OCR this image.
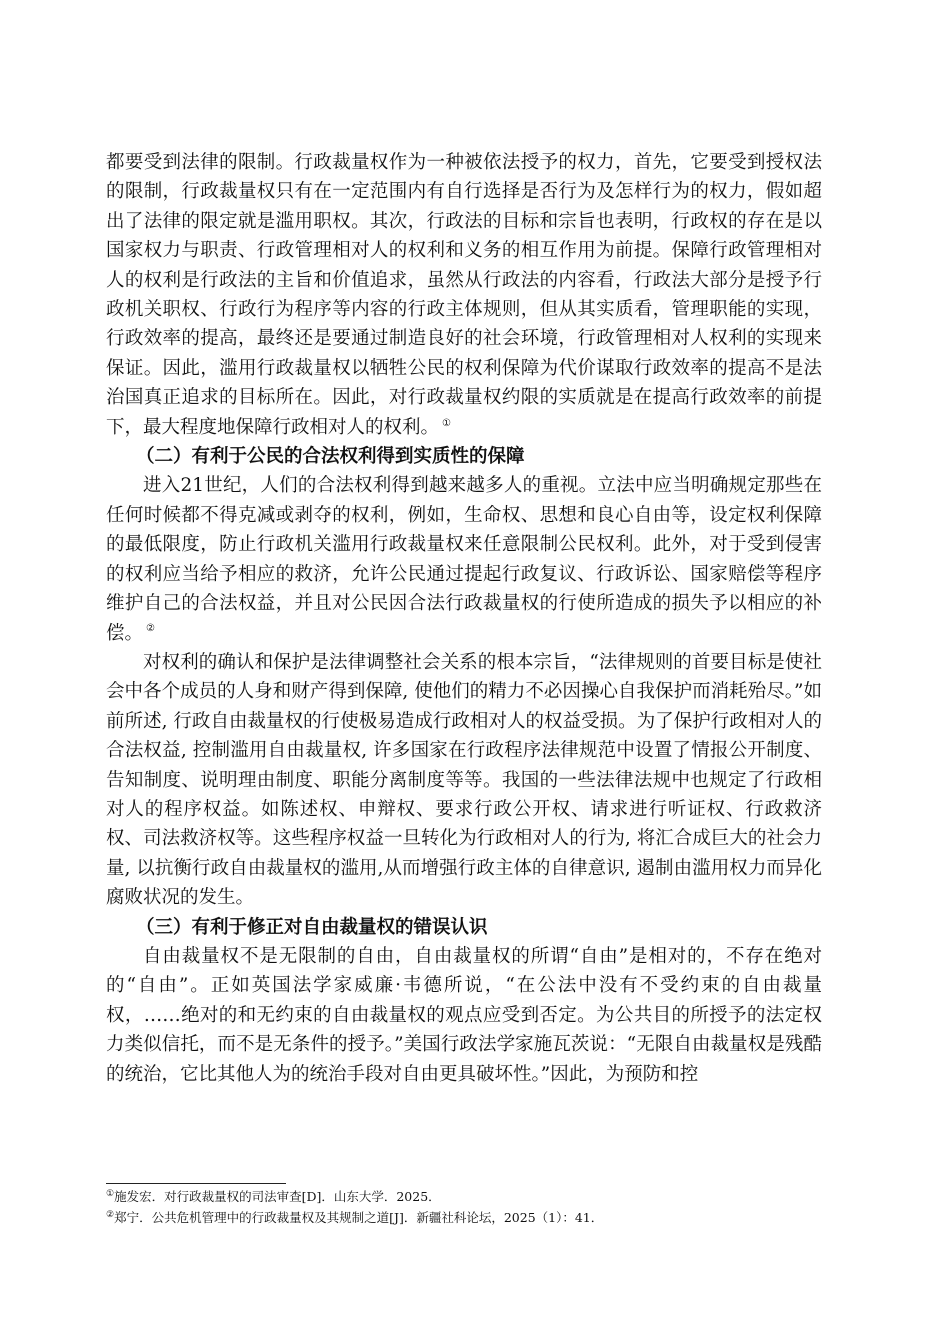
都要受到法律的限制。行政裁量权作为一种被依法授予的权力，首先，它要受到授权法的限制，行政裁量权只有在一定范围内有自行选择是否行为及怎样行为的权力，假如超出了法律的限定就是滥用职权。其次，行政法的目标和宗旨也表明，行政权的存在是以国家权力与职责、行政管理相对人的权利和义务的相互作用为前提。保障行政管理相对人的权利是行政法的主旨和价值追求，虽然从行政法的内容看，行政法大部分是授予行政机关职权、行政行为程序等内容的行政主体规则，但从其实质看，管理职能的实现，行政效率的提高，最终还是要通过制造良好的社会环境，行政管理相对人权利的实现来保证。因此，滥用行政裁量权以牺牲公民的权利保障为代价谋取行政效率的提高不是法治国真正追求的目标所在。因此，对行政裁量权约限的实质就是在提高行政效率的前提下，最大程度地保障行政相对人的权利。 ①

（二）有利于公民的合法权利得到实质性的保障

进入21世纪，人们的合法权利得到越来越多人的重视。立法中应当明确规定那些在任何时候都不得克减或剥夺的权利，例如，生命权、思想和良心自由等，设定权利保障的最低限度，防止行政机关滥用行政裁量权来任意限制公民权利。此外，对于受到侵害的权利应当给予相应的救济，允许公民通过提起行政复议、行政诉讼、国家赔偿等程序维护自己的合法权益，并且对公民因合法行政裁量权的行使所造成的损失予以相应的补偿。 ②

对权利的确认和保护是法律调整社会关系的根本宗旨，“法律规则的首要目标是使社会中各个成员的人身和财产得到保障, 使他们的精力不必因操心自我保护而消耗殆尽。”如前所述, 行政自由裁量权的行使极易造成行政相对人的权益受损。为了保护行政相对人的合法权益, 控制滥用自由裁量权, 许多国家在行政程序法律规范中设置了情报公开制度、告知制度、说明理由制度、职能分离制度等等。我国的一些法律法规中也规定了行政相对人的程序权益。如陈述权、申辩权、要求行政公开权、请求进行听证权、行政救济权、司法救济权等。这些程序权益一旦转化为行政相对人的行为, 将汇合成巨大的社会力量, 以抗衡行政自由裁量权的滥用,从而增强行政主体的自律意识, 遏制由滥用权力而异化腐败状况的发生。

（三）有利于修正对自由裁量权的错误认识

自由裁量权不是无限制的自由，自由裁量权的所谓“自由”是相对的，不存在绝对的“自由”。正如英国法学家威廉·韦德所说，“在公法中没有不受约束的自由裁量权，……绝对的和无约束的自由裁量权的观点应受到否定。为公共目的所授予的法定权力类似信托，而不是无条件的授予。”美国行政法学家施瓦茨说：“无限自由裁量权是残酷的统治，它比其他人为的统治手段对自由更具破坏性。”因此，为预防和控

①施发宏．对行政裁量权的司法审查[D]．山东大学．2025．

②郑宁．公共危机管理中的行政裁量权及其规制之道[J]．新疆社科论坛，2025（1）：41．
